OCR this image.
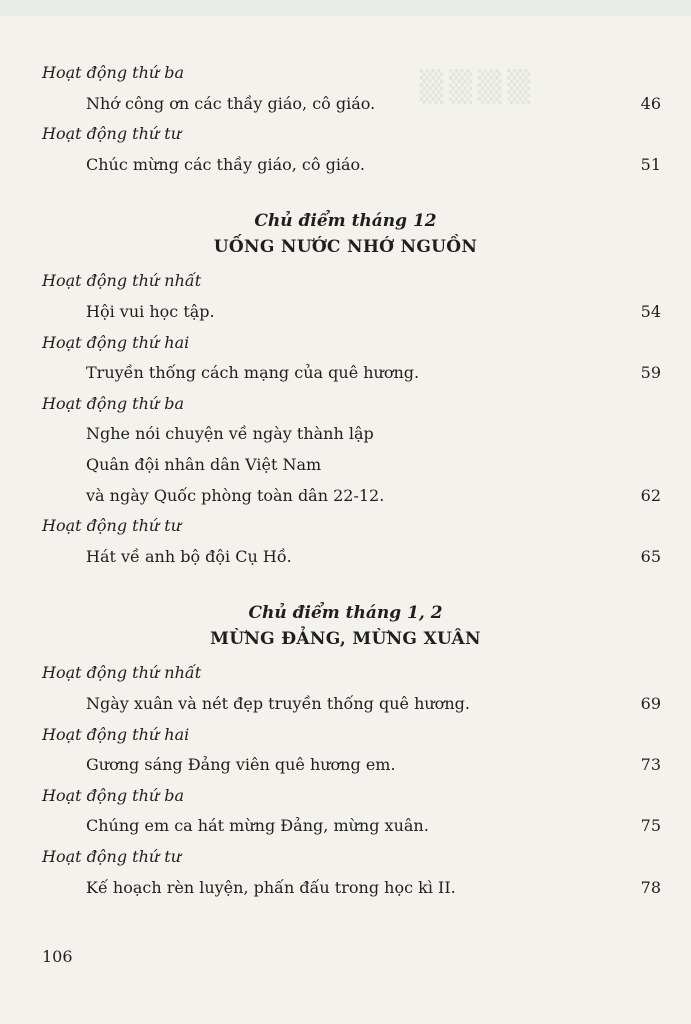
▒▒▒▒
Hoạt động thứ ba
Nhớ công ơn các thầy giáo, cô giáo.	46
Hoạt động thứ tư
Chúc mừng các thầy giáo, cô giáo.	51
Chủ điểm tháng 12
UỐNG NƯỚC NHỚ NGUỒN
Hoạt động thứ nhất
Hội vui học tập.	54
Hoạt động thứ hai
Truyền thống cách mạng của quê hương.	59
Hoạt động thứ ba
Nghe nói chuyện về ngày thành lập
Quân đội nhân dân Việt Nam
và ngày Quốc phòng toàn dân 22-12.	62
Hoạt động thứ tư
Hát về anh bộ đội Cụ Hồ.	65
Chủ điểm tháng 1, 2
MỪNG ĐẢNG, MỪNG XUÂN
Hoạt động thứ nhất
Ngày xuân và nét đẹp truyền thống quê hương.	69
Hoạt động thứ hai
Gương sáng Đảng viên quê hương em.	73
Hoạt động thứ ba
Chúng em ca hát mừng Đảng, mừng xuân.	75
Hoạt động thứ tư
Kế hoạch rèn luyện, phấn đấu trong học kì II.	78
106
